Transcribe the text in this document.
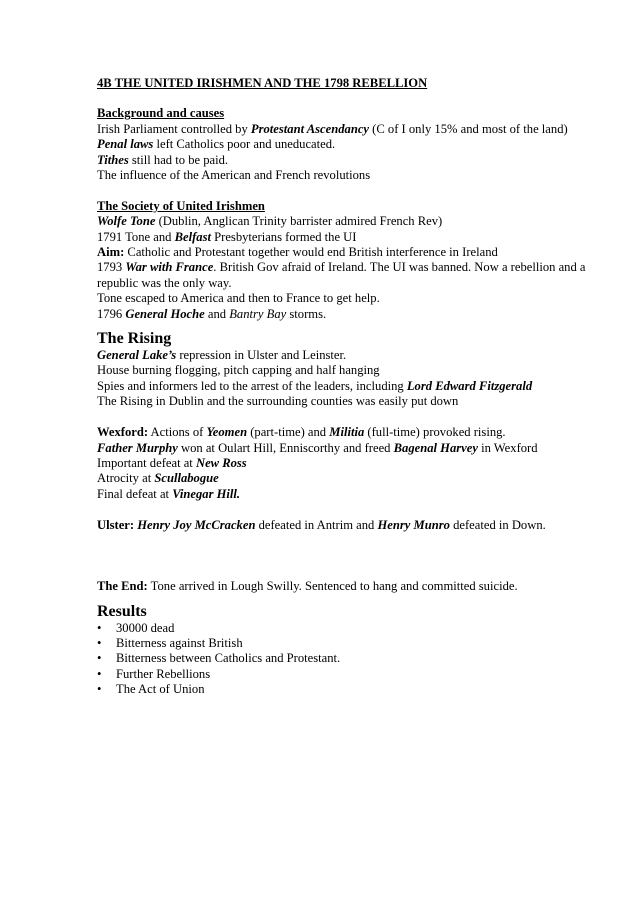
4B THE UNITED IRISHMEN AND THE 1798 REBELLION
Background and causes
Irish Parliament controlled by Protestant Ascendancy (C of I only 15% and most of the land)
Penal laws left Catholics poor and uneducated.
Tithes still had to be paid.
The influence of the American and French revolutions
The Society of United Irishmen
Wolfe Tone (Dublin, Anglican Trinity barrister admired French Rev)
1791 Tone and Belfast Presbyterians formed the UI
Aim: Catholic and Protestant together would end British interference in Ireland
1793 War with France. British Gov afraid of Ireland. The UI was banned. Now a rebellion and a republic was the only way.
Tone escaped to America and then to France to get help.
1796 General Hoche and Bantry Bay storms.
The Rising
General Lake’s repression in Ulster and Leinster.
House burning flogging, pitch capping and half hanging
Spies and informers led to the arrest of the leaders, including Lord Edward Fitzgerald
The Rising in Dublin and the surrounding counties was easily put down
Wexford: Actions of Yeomen (part-time) and Militia (full-time) provoked rising.
Father Murphy won at Oulart Hill, Enniscorthy and freed Bagenal Harvey in Wexford
Important defeat at New Ross
Atrocity at Scullabogue
Final defeat at Vinegar Hill.
Ulster: Henry Joy McCracken defeated in Antrim and Henry Munro defeated in Down.
The End: Tone arrived in Lough Swilly. Sentenced to hang and committed suicide.
Results
• 30000 dead
• Bitterness against British
• Bitterness between Catholics and Protestant.
• Further Rebellions
• The Act of Union
